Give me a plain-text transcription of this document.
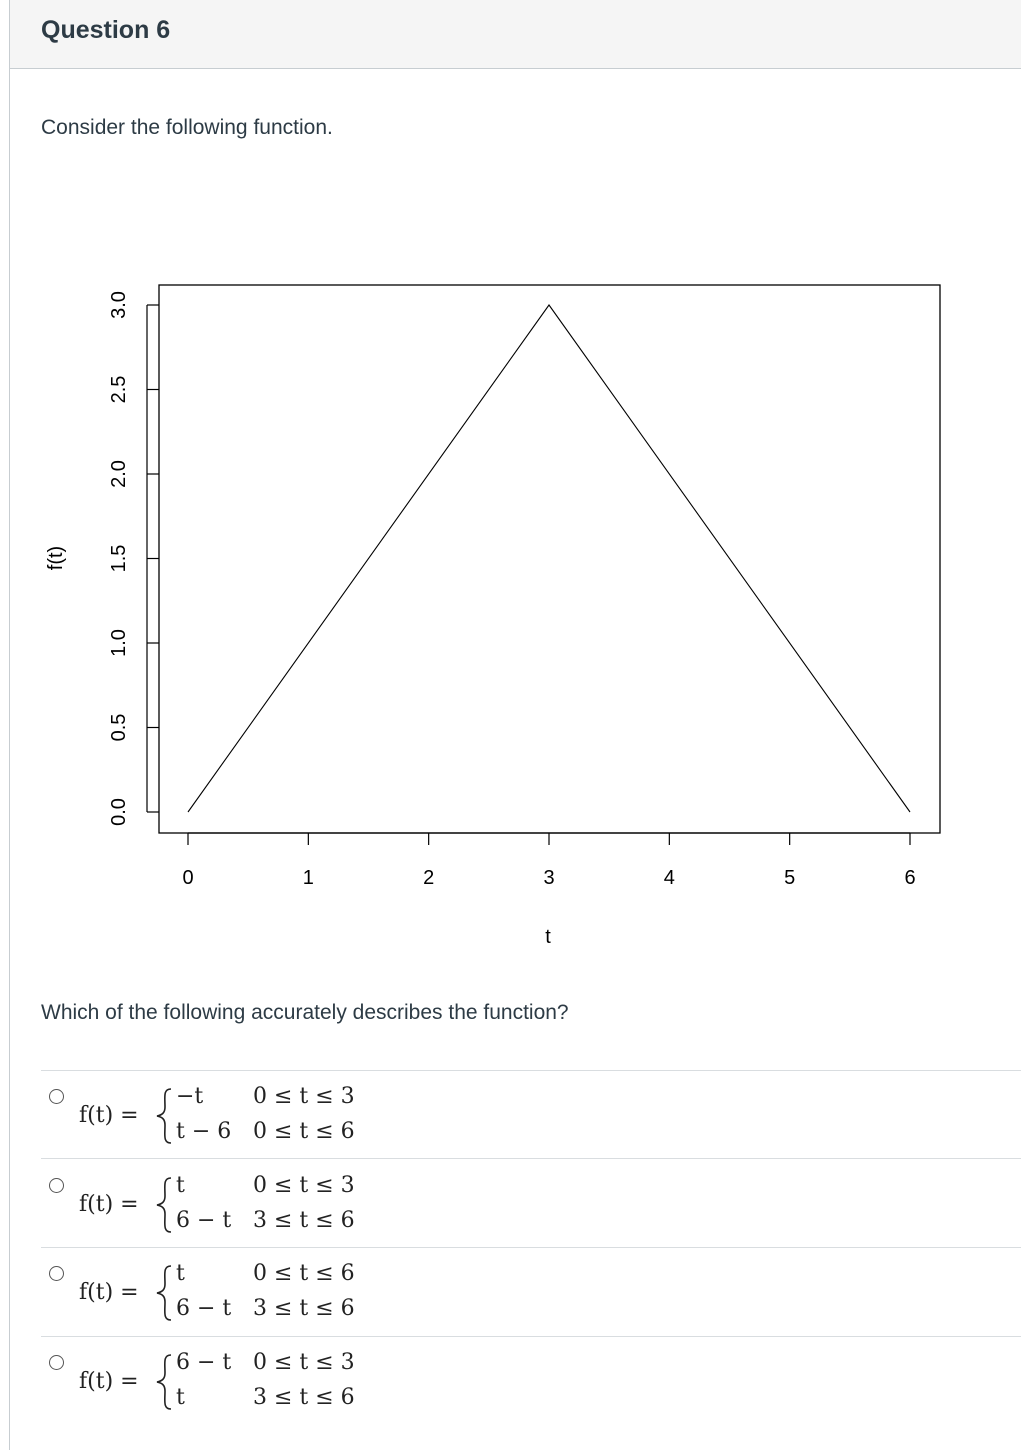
Question 6
Consider the following function.
0	1	2	3	4	5	6
0.0
0.5
1.0
1.5
2.0
2.5
3.0
t
f(t)
Which of the following accurately describes the function?
f(t) =
−t 0 ≤ t ≤ 3
t − 6 0 ≤ t ≤ 6
f(t) =
t	0 ≤ t ≤ 3
6 − t 3 ≤ t ≤ 6
f(t) =
t	0 ≤ t ≤ 6
6 − t 3 ≤ t ≤ 6
f(t) =
6 − t 0 ≤ t ≤ 3
t	3 ≤ t ≤ 6
